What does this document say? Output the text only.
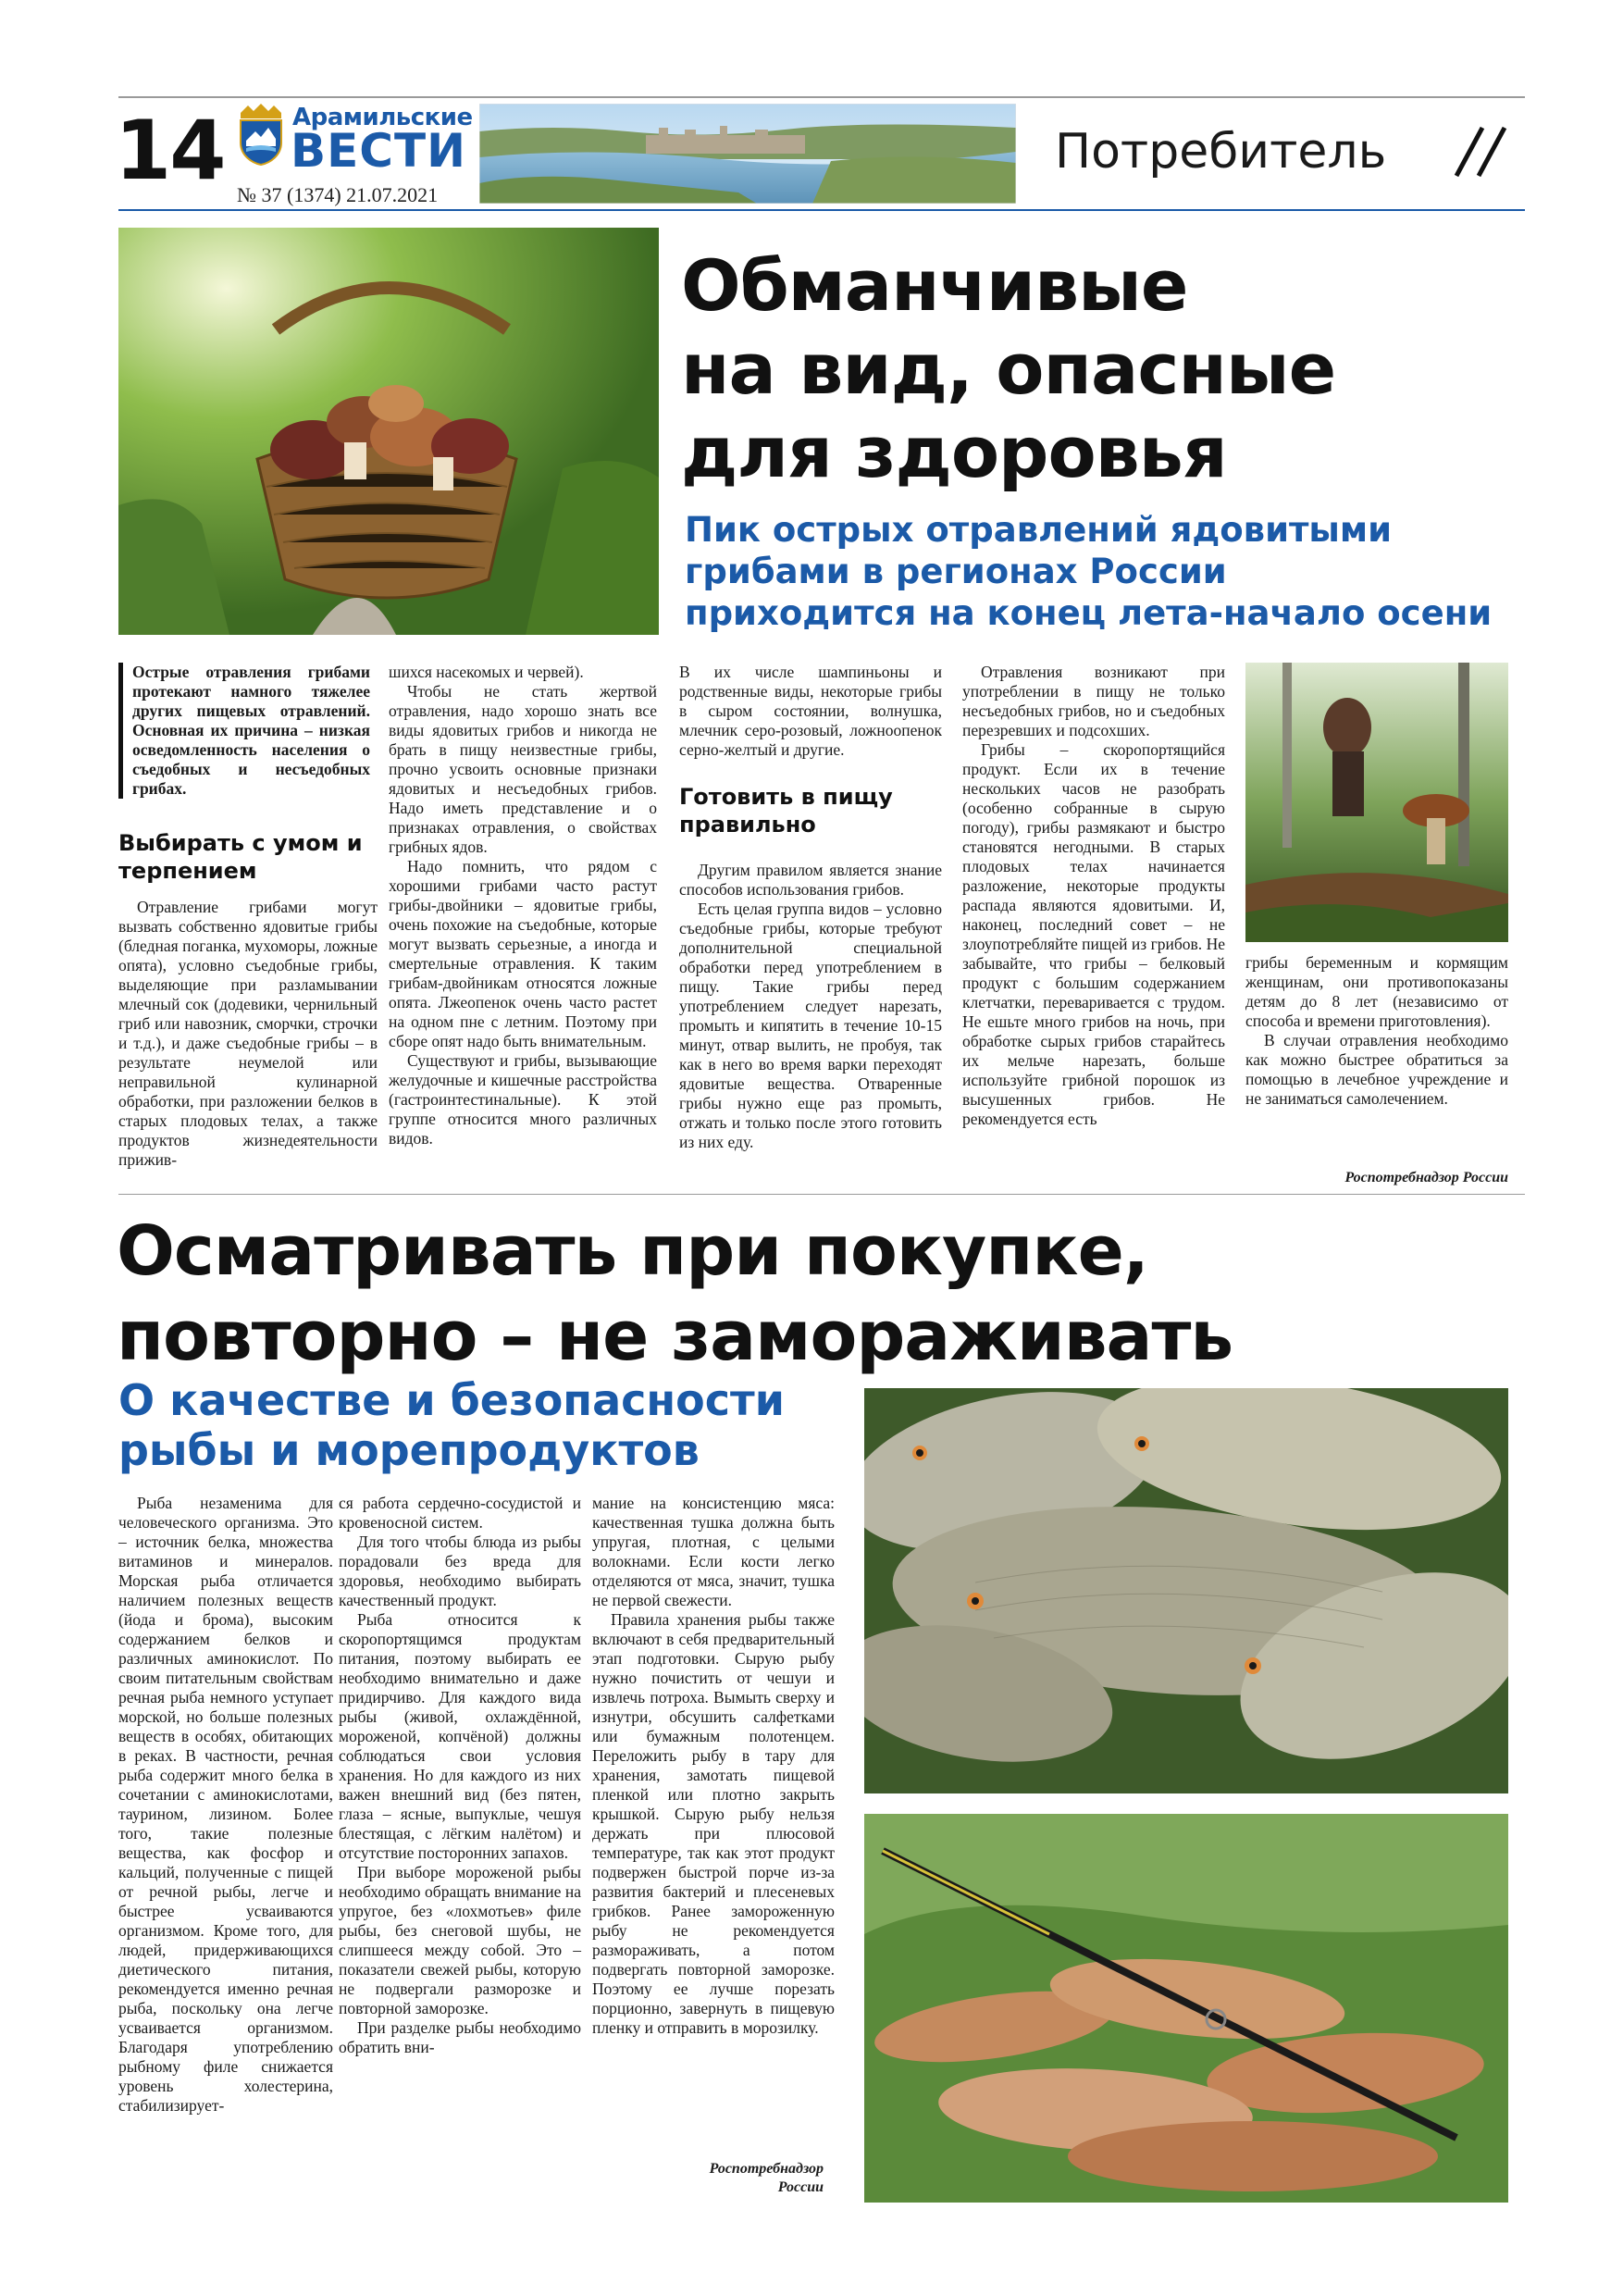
14	Арамильские
ВЕСТИ
№ 37 (1374) 21.07.2021
Потребитель
Обманчивые
на вид, опасные
для здоровья
Пик острых отравлений ядовитыми
грибами в регионах России
приходится на конец лета-начало осени
Острые отравления грибами протекают намного тяжелее других пищевых отравлений. Основная их причина – низкая осведомленность населения о съедобных и несъедобных грибах.
Выбирать с умом и терпением

Отравление грибами могут вызвать собственно ядовитые грибы (бледная поганка, мухоморы, ложные опята), условно съедобные грибы, выделяющие при разламывании млечный сок (додевики, чернильный гриб или навозник, сморчки, строчки и т.д.), и даже съедобные грибы – в результате неумелой или неправильной кулинарной обработки, при разложении белков в старых плодовых телах, а также продуктов жизнедеятельности прижив-

шихся насекомых и червей).

Чтобы не стать жертвой отравления, надо хорошо знать все виды ядовитых грибов и никогда не брать в пищу неизвестные грибы, прочно усвоить основные признаки ядовитых и несъедобных грибов. Надо иметь представление и о признаках отравления, о свойствах грибных ядов.

Надо помнить, что рядом с хорошими грибами часто растут грибы-двойники – ядовитые грибы, очень похожие на съедобные, которые могут вызвать серьезные, а иногда и смертельные отравления. К таким грибам-двойникам относятся ложные опята. Лжеопенок очень часто растет на одном пне с летним. Поэтому при сборе опят надо быть внимательным.

Существуют и грибы, вызывающие желудочные и кишечные расстройства (гастроинтестинальные). К этой группе относится много различных видов.

В их числе шампиньоны и родственные виды, некоторые грибы в сыром состоянии, волнушка, млечник серо-розовый, ложноопенок серно-желтый и другие.

Готовить в пищу правильно

Другим правилом является знание способов использования грибов.

Есть целая группа видов – условно съедобные грибы, которые требуют дополнительной специальной обработки перед употреблением в пищу. Такие грибы перед употреблением следует нарезать, промыть и кипятить в течение 10-15 минут, отвар вылить, не пробуя, так как в него во время варки переходят ядовитые вещества. Отваренные грибы нужно еще раз промыть, отжать и только после этого готовить из них еду.

Отравления возникают при употреблении в пищу не только несъедобных грибов, но и съедобных перезревших и подсохших.

Грибы – скоропортящийся продукт. Если их в течение нескольких часов не разобрать (особенно собранные в сырую погоду), грибы размякают и быстро становятся негодными. В старых плодовых телах начинается разложение, некоторые продукты распада являются ядовитыми. И, наконец, последний совет – не злоупотребляйте пищей из грибов. Не забывайте, что грибы – белковый продукт с большим содержанием клетчатки, переваривается с трудом. Не ешьте много грибов на ночь, при обработке сырых грибов старайтесь их мельче нарезать, больше используйте грибной порошок из высушенных грибов. Не рекомендуется есть

грибы беременным и кормящим женщинам, они противопоказаны детям до 8 лет (независимо от способа и времени приготовления).

В случаи отравления необходимо как можно быстрее обратиться за помощью в лечебное учреждение и не заниматься самолечением.

Роспотребнадзор России
Осматривать при покупке,
повторно – не замораживать
О качестве и безопасности
рыбы и морепродуктов

Рыба незаменима для человеческого организма. Это – источник белка, множества витаминов и минералов. Морская рыба отличается наличием полезных веществ (йода и брома), высоким содержанием белков и различных аминокислот. По своим питательным свойствам речная рыба немного уступает морской, но больше полезных веществ в особях, обитающих в реках. В частности, речная рыба содержит много белка в сочетании с аминокислотами, таурином, лизином. Более того, такие полезные вещества, как фосфор и кальций, полученные с пищей от речной рыбы, легче и быстрее усваиваются организмом. Кроме того, для людей, придерживающихся диетического питания, рекомендуется именно речная рыба, поскольку она легче усваивается организмом. Благодаря употреблению рыбному филе снижается уровень холестерина, стабилизирует-

ся работа сердечно-сосудистой и кровеносной систем.

Для того чтобы блюда из рыбы порадовали без вреда для здоровья, необходимо выбирать качественный продукт.

Рыба относится к скоропортящимся продуктам питания, поэтому выбирать ее необходимо внимательно и даже придирчиво. Для каждого вида рыбы (живой, охлаждённой, мороженой, копчёной) должны соблюдаться свои условия хранения. Но для каждого из них важен внешний вид (без пятен, глаза – ясные, выпуклые, чешуя блестящая, с лёгким налётом) и отсутствие посторонних запахов.

При выборе мороженой рыбы необходимо обращать внимание на упругое, без «лохмотьев» филе рыбы, без снеговой шубы, не слипшееся между собой. Это – показатели свежей рыбы, которую не подвергали разморозке и повторной заморозке.

При разделке рыбы необходимо обратить вни-

мание на консистенцию мяса: качественная тушка должна быть упругая, плотная, с целыми волокнами. Если кости легко отделяются от мяса, значит, тушка не первой свежести.

Правила хранения рыбы также включают в себя предварительный этап подготовки. Сырую рыбу нужно почистить от чешуи и извлечь потроха. Вымыть сверху и изнутри, обсушить салфетками или бумажным полотенцем. Переложить рыбу в тару для хранения, замотать пищевой пленкой или плотно закрыть крышкой. Сырую рыбу нельзя держать при плюсовой температуре, так как этот продукт подвержен быстрой порче из-за развития бактерий и плесеневых грибков. Ранее замороженную рыбу не рекомендуется размораживать, а потом подвергать повторной заморозке. Поэтому ее лучше порезать порционно, завернуть в пищевую пленку и отправить в морозилку.

Роспотребнадзор
России
